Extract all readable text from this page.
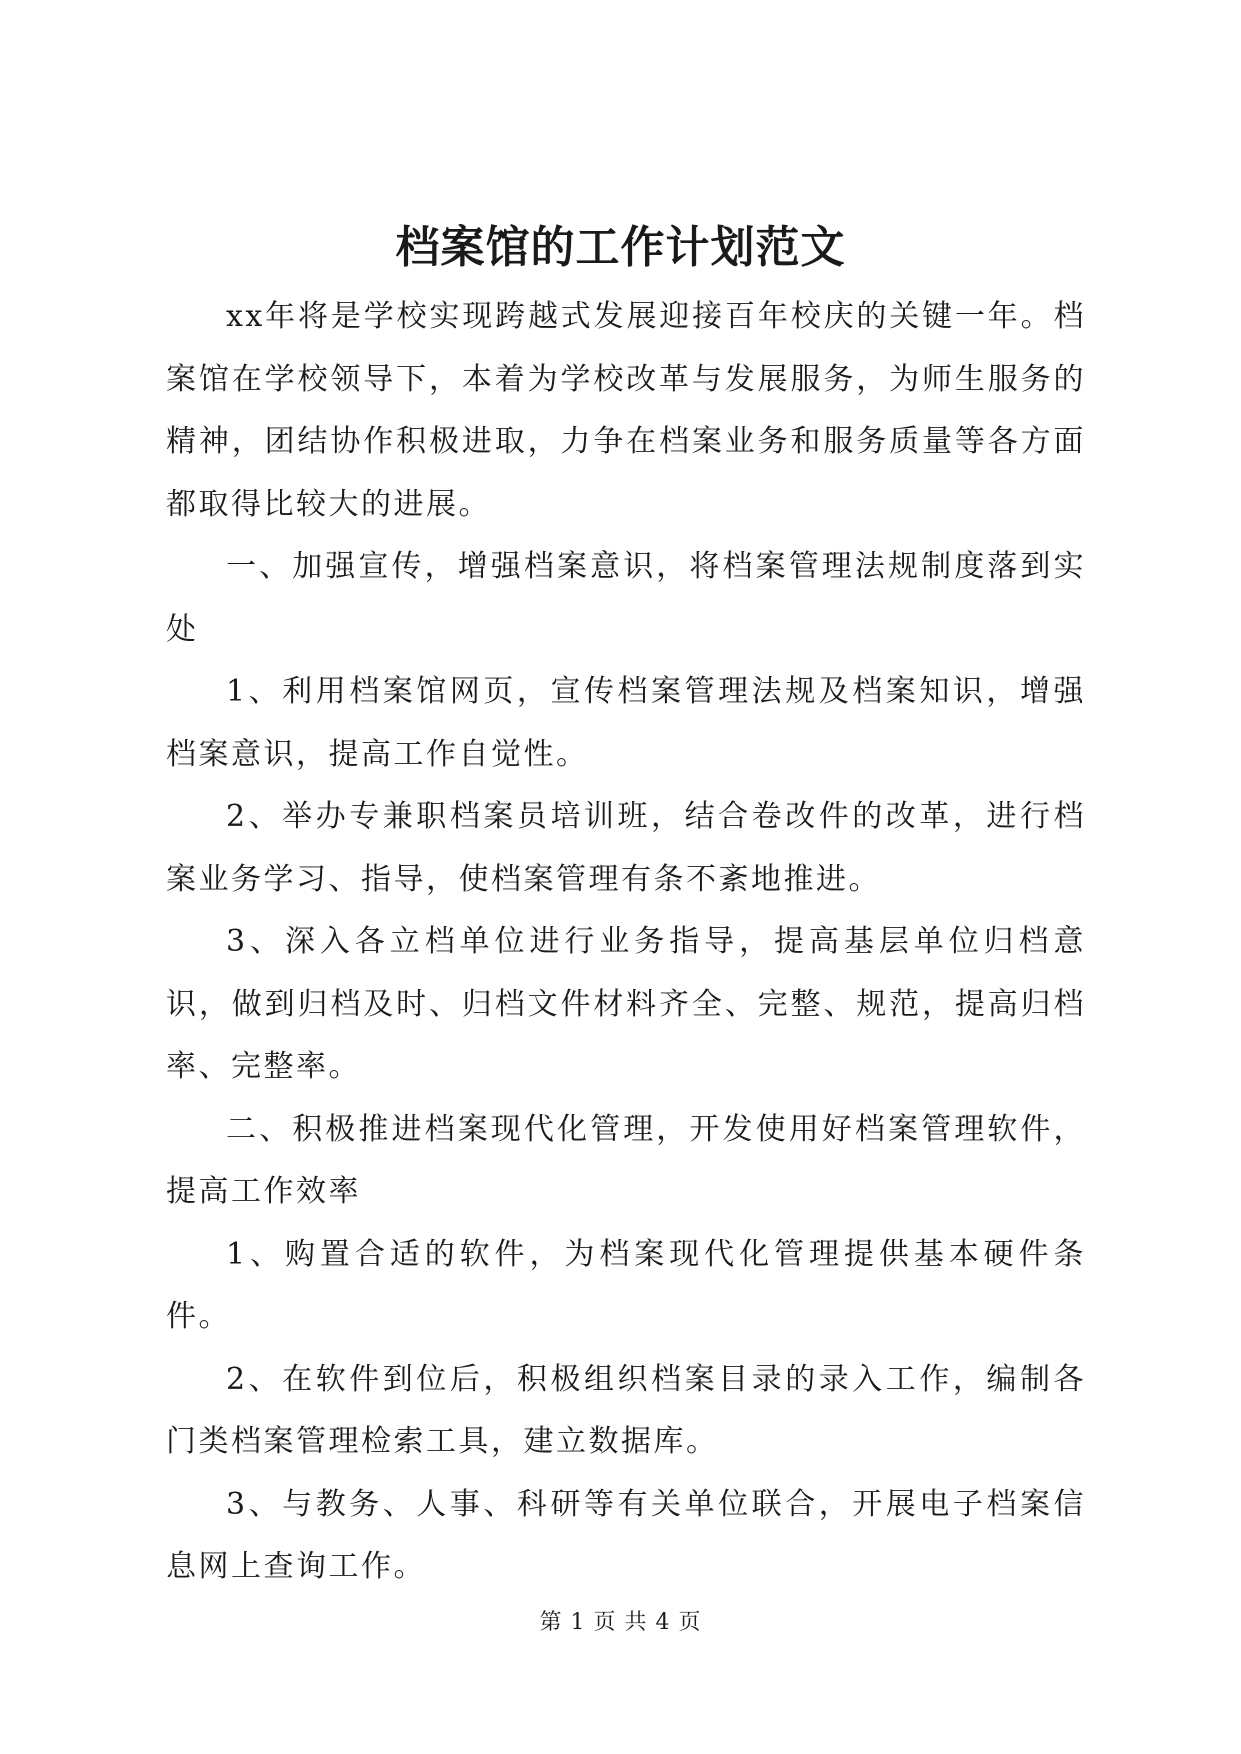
档案馆的工作计划范文

xx年将是学校实现跨越式发展迎接百年校庆的关键一年。档案馆在学校领导下，本着为学校改革与发展服务，为师生服务的精神，团结协作积极进取，力争在档案业务和服务质量等各方面都取得比较大的进展。

一、加强宣传，增强档案意识，将档案管理法规制度落到实处

1、利用档案馆网页，宣传档案管理法规及档案知识，增强档案意识，提高工作自觉性。

2、举办专兼职档案员培训班，结合卷改件的改革，进行档案业务学习、指导，使档案管理有条不紊地推进。

3、深入各立档单位进行业务指导，提高基层单位归档意识，做到归档及时、归档文件材料齐全、完整、规范，提高归档率、完整率。

二、积极推进档案现代化管理，开发使用好档案管理软件，提高工作效率

1、购置合适的软件，为档案现代化管理提供基本硬件条件。

2、在软件到位后，积极组织档案目录的录入工作，编制各门类档案管理检索工具，建立数据库。

3、与教务、人事、科研等有关单位联合，开展电子档案信息网上查询工作。

第 1 页 共 4 页
